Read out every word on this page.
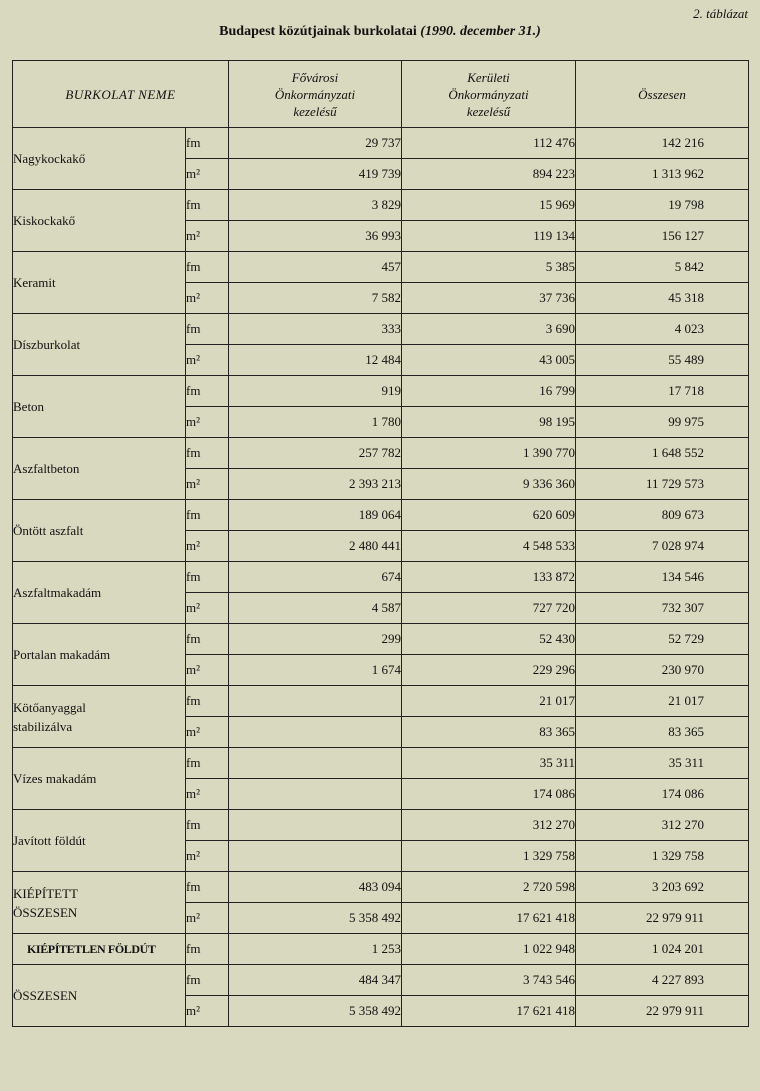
2. táblázat
Budapest közútjainak burkolatai (1990. december 31.)
BURKOLAT NEME		Fővárosi
Önkormányzati
kezelésű	Kerületi
Önkormányzati
kezelésű	Összesen
Nagykockakő	fm	29 737	112 476	142 216
	m²	419 739	894 223	1 313 962
Kiskockakő	fm	3 829	15 969	19 798
	m²	36 993	119 134	156 127
Keramit	fm	457	5 385	5 842
	m²	7 582	37 736	45 318
Díszburkolat	fm	333	3 690	4 023
	m²	12 484	43 005	55 489
Beton	fm	919	16 799	17 718
	m²	1 780	98 195	99 975
Aszfaltbeton	fm	257 782	1 390 770	1 648 552
	m²	2 393 213	9 336 360	11 729 573
Öntött aszfalt	fm	189 064	620 609	809 673
	m²	2 480 441	4 548 533	7 028 974
Aszfaltmakadám	fm	674	133 872	134 546
	m²	4 587	727 720	732 307
Portalan makadám	fm	299	52 430	52 729
	m²	1 674	229 296	230 970
Kötőanyaggal
stabilizálva	fm		21 017	21 017
	m²		83 365	83 365
Vízes makadám	fm		35 311	35 311
	m²		174 086	174 086
Javított földút	fm		312 270	312 270
	m²		1 329 758	1 329 758
KIÉPÍTETT
ÖSSZESEN	fm	483 094	2 720 598	3 203 692
	m²	5 358 492	17 621 418	22 979 911
KIÉPÍTETLEN FÖLDÚT	fm	1 253	1 022 948	1 024 201
ÖSSZESEN	fm	484 347	3 743 546	4 227 893
	m²	5 358 492	17 621 418	22 979 911
